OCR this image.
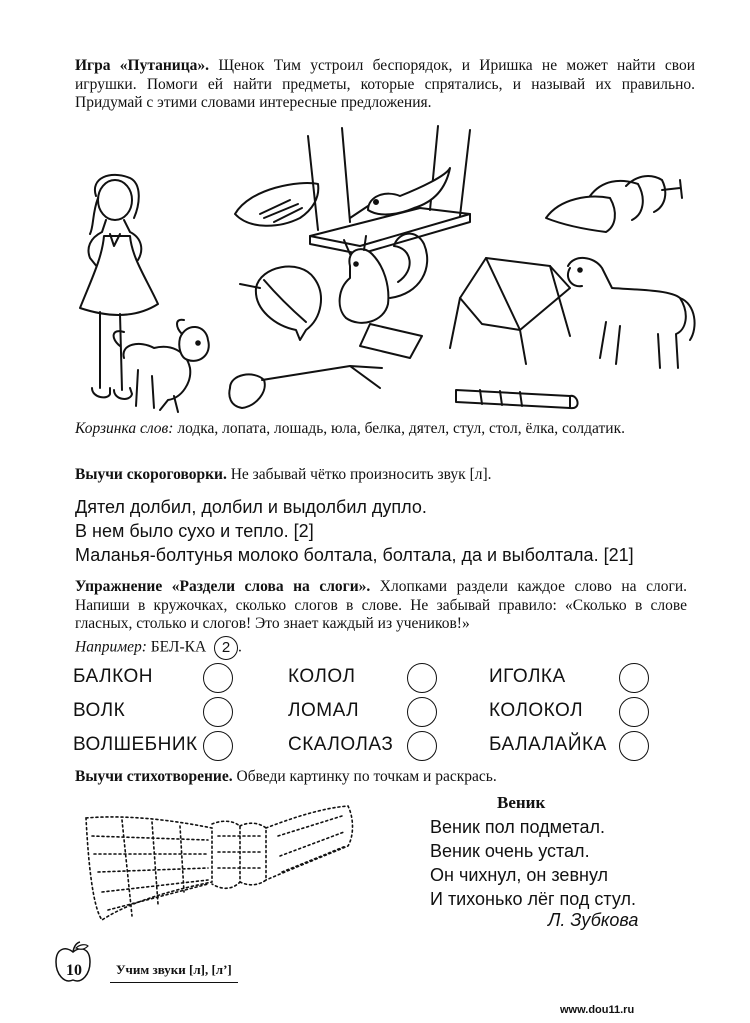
Игра «Путаница». Щенок Тим устроил беспорядок, и Иришка не может найти свои игрушки. Помоги ей найти предметы, которые спрятались, и называй их правильно. Придумай с этими словами интересные предложения.
Корзинка слов: лодка, лопата, лошадь, юла, белка, дятел, стул, стол, ёлка, солдатик.
Выучи скороговорки. Не забывай чётко произносить звук [л].
Дятел долбил, долбил и выдолбил дупло.
В нем было сухо и тепло. [2]
Маланья-болтунья молоко болтала, болтала, да и выболтала. [21]
Упражнение «Раздели слова на слоги». Хлопками раздели каждое слово на слоги. Напиши в кружочках, сколько слогов в слове. Не забывай правило: «Сколько в слове гласных, столько и слогов! Это знает каждый из учеников!»
Например: БЕЛ-КА 2 .
БАЛКОН
ВОЛК
ВОЛШЕБНИК
КОЛОЛ
ЛОМАЛ
СКАЛОЛАЗ
ИГОЛКА
КОЛОКОЛ
БАЛАЛАЙКА
Выучи стихотворение. Обведи картинку по точкам и раскрась.
Веник
Веник пол подметал.
Веник очень устал.
Он чихнул, он зевнул
И тихонько лёг под стул.
Л. Зубкова
10	Учим звуки [л], [л’]
www.dou11.ru
